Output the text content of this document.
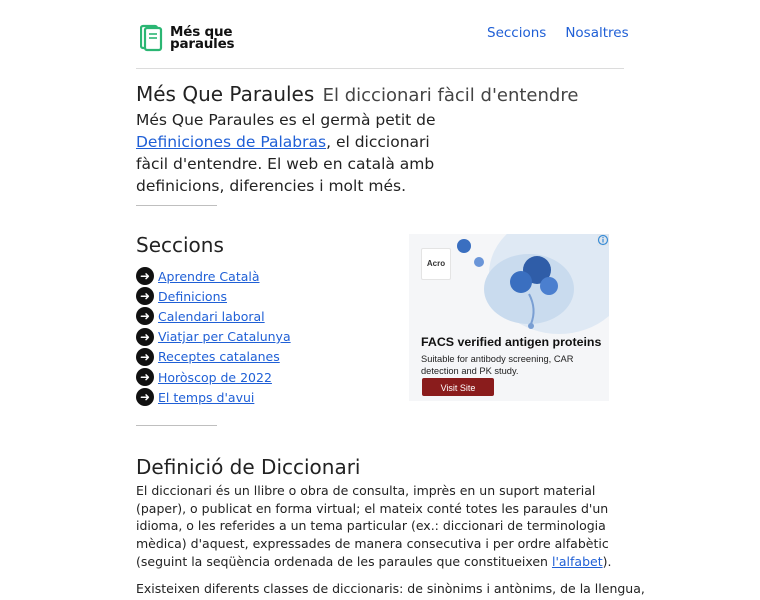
Més que
paraules
Seccions Nosaltres
Més Que Paraules El diccionari fàcil d'entendre

Més Que Paraules es el germà petit de Definiciones de Palabras, el diccionari fàcil d'entendre. El web en català amb definicions, diferencies i molt més.

Seccions
➜ Aprendre Català
➜ Definicions
➜ Calendari laboral
➜ Viatjar per Catalunya
➜ Receptes catalanes
➜ Horòscop de 2022
➜ El temps d'avui
Acro
FACS verified antigen proteins
Suitable for antibody screening, CAR detection and PK study.
Visit Site
Definició de Diccionari

El diccionari és un llibre o obra de consulta, imprès en un suport material (paper), o publicat en forma virtual; el mateix conté totes les paraules d'un idioma, o les referides a un tema particular (ex.: diccionari de terminologia mèdica) d'aquest, expressades de manera consecutiva i per ordre alfabètic (seguint la seqüència ordenada de les paraules que constitueixen l'alfabet).

Existeixen diferents classes de diccionaris: de sinònims i antònims, de la llengua,
